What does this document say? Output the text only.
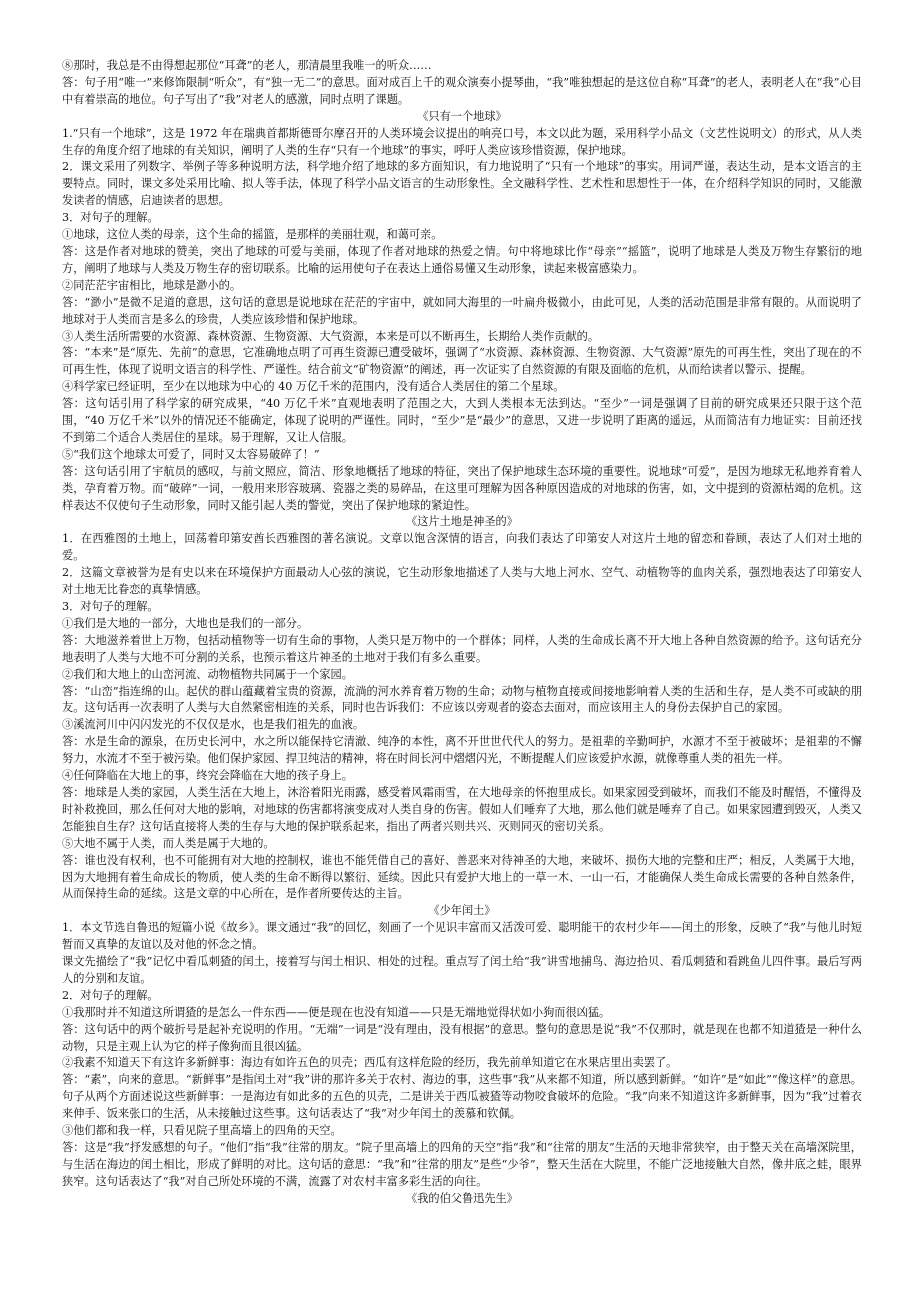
⑧那时，我总是不由得想起那位“耳聋”的老人，那清晨里我唯一的听众……

答：句子用“唯一”来修饰限制“听众”，有“独一无二”的意思。面对成百上千的观众演奏小提琴曲，“我”唯独想起的是这位自称“耳聋”的老人，表明老人在“我”心目中有着崇高的地位。句子写出了“我”对老人的感激，同时点明了课题。

《只有一个地球》

1.“只有一个地球”，这是 1972 年在瑞典首都斯德哥尔摩召开的人类环境会议提出的响亮口号，本文以此为题，采用科学小品文（文艺性说明文）的形式，从人类生存的角度介绍了地球的有关知识，阐明了人类的生存“只有一个地球”的事实，呼吁人类应该珍惜资源，保护地球。

2．课文采用了列数字、举例子等多种说明方法，科学地介绍了地球的多方面知识，有力地说明了“只有一个地球”的事实。用词严谨，表达生动，是本文语言的主要特点。同时，课文多处采用比喻、拟人等手法，体现了科学小品文语言的生动形象性。全文融科学性、艺术性和思想性于一体，在介绍科学知识的同时，又能激发读者的情感，启迪读者的思想。

3．对句子的理解。

①地球，这位人类的母亲，这个生命的摇篮，是那样的美丽壮观，和蔼可亲。

答：这是作者对地球的赞美，突出了地球的可爱与美丽，体现了作者对地球的热爱之情。句中将地球比作“母亲”“摇篮”，说明了地球是人类及万物生存繁衍的地方，阐明了地球与人类及万物生存的密切联系。比喻的运用使句子在表达上通俗易懂又生动形象，读起来极富感染力。

②同茫茫宇宙相比，地球是渺小的。

答：“渺小”是微不足道的意思，这句话的意思是说地球在茫茫的宇宙中，就如同大海里的一叶扁舟极微小，由此可见，人类的活动范围是非常有限的。从而说明了地球对于人类而言是多么的珍贵，人类应该珍惜和保护地球。

③人类生活所需要的水资源、森林资源、生物资源、大气资源，本来是可以不断再生，长期给人类作贡献的。

答：“本来”是“原先、先前”的意思，它准确地点明了可再生资源已遭受破坏，强调了“水资源、森林资源、生物资源、大气资源”原先的可再生性，突出了现在的不可再生性，体现了说明文语言的科学性、严谨性。结合前文“矿物资源”的阐述，再一次证实了自然资源的有限及面临的危机，从而给读者以警示、提醒。

④科学家已经证明，至少在以地球为中心的 40 万亿千米的范围内，没有适合人类居住的第二个星球。

答：这句话引用了科学家的研究成果，“40 万亿千米”直观地表明了范围之大，大到人类根本无法到达。“至少”一词是强调了目前的研究成果还只限于这个范围，“40 万亿千米”以外的情况还不能确定，体现了说明的严谨性。同时，“至少”是“最少”的意思，又进一步说明了距离的遥远，从而简洁有力地证实：目前还找不到第二个适合人类居住的星球。易于理解，又让人信服。

⑤“我们这个地球太可爱了，同时又太容易破碎了！”

答：这句话引用了宇航员的感叹，与前文照应，简洁、形象地概括了地球的特征，突出了保护地球生态环境的重要性。说地球“可爱”，是因为地球无私地养育着人类，孕育着万物。而“破碎”一词，一般用来形容玻璃、瓷器之类的易碎品，在这里可理解为因各种原因造成的对地球的伤害，如，文中提到的资源枯竭的危机。这样表达不仅使句子生动形象，同时又能引起人类的警觉，突出了保护地球的紧迫性。

《这片土地是神圣的》

1．在西雅图的土地上，回荡着印第安酋长西雅图的著名演说。文章以饱含深情的语言，向我们表达了印第安人对这片土地的留恋和眷顾，表达了人们对土地的爱。

2．这篇文章被誉为是有史以来在环境保护方面最动人心弦的演说，它生动形象地描述了人类与大地上河水、空气、动植物等的血肉关系，强烈地表达了印第安人对土地无比眷恋的真挚情感。

3．对句子的理解。

①我们是大地的一部分，大地也是我们的一部分。

答：大地滋养着世上万物，包括动植物等一切有生命的事物，人类只是万物中的一个群体；同样，人类的生命成长离不开大地上各种自然资源的给予。这句话充分地表明了人类与大地不可分割的关系，也预示着这片神圣的土地对于我们有多么重要。

②我们和大地上的山峦河流、动物植物共同属于一个家园。

答：“山峦”指连绵的山。起伏的群山蕴藏着宝贵的资源，流淌的河水养育着万物的生命；动物与植物直接或间接地影响着人类的生活和生存，是人类不可或缺的朋友。这句话再一次表明了人类与大自然紧密相连的关系，同时也告诉我们：不应该以旁观者的姿态去面对，而应该用主人的身份去保护自己的家园。

③溪流河川中闪闪发光的不仅仅是水，也是我们祖先的血液。

答：水是生命的源泉，在历史长河中，水之所以能保持它清澈、纯净的本性，离不开世世代代人的努力。是祖辈的辛勤呵护，水源才不至于被破坏；是祖辈的不懈努力，水流才不至于被污染。他们保护家园、捍卫纯洁的精神，将在时间长河中熠熠闪光，不断提醒人们应该爱护水源，就像尊重人类的祖先一样。

④任何降临在大地上的事，终究会降临在大地的孩子身上。

答：地球是人类的家园，人类生活在大地上，沐浴着阳光雨露，感受着风霜雨雪，在大地母亲的怀抱里成长。如果家园受到破坏，而我们不能及时醒悟，不懂得及时补救挽回，那么任何对大地的影响，对地球的伤害都将演变成对人类自身的伤害。假如人们唾弃了大地，那么他们就是唾弃了自己。如果家园遭到毁灭，人类又怎能独自生存？这句话直接将人类的生存与大地的保护联系起来，指出了两者兴则共兴、灭则同灭的密切关系。

⑤大地不属于人类，而人类是属于大地的。

答：谁也没有权利，也不可能拥有对大地的控制权，谁也不能凭借自己的喜好、善恶来对待神圣的大地，来破坏、损伤大地的完整和庄严；相反，人类属于大地，因为大地拥有着生命成长的物质，使人类的生命不断得以繁衍、延续。因此只有爱护大地上的一草一木、一山一石，才能确保人类生命成长需要的各种自然条件，从而保持生命的延续。这是文章的中心所在，是作者所要传达的主旨。

《少年闰土》

1．本文节选自鲁迅的短篇小说《故乡》。课文通过“我”的回忆，刻画了一个见识丰富而又活泼可爱、聪明能干的农村少年——闰土的形象，反映了“我”与他儿时短暂而又真挚的友谊以及对他的怀念之情。

课文先描绘了“我”记忆中看瓜刺猹的闰土，接着写与闰土相识、相处的过程。重点写了闰土给“我”讲雪地捕鸟、海边拾贝、看瓜刺猹和看跳鱼儿四件事。最后写两人的分别和友谊。

2．对句子的理解。

①我那时并不知道这所谓猹的是怎么一件东西——便是现在也没有知道——只是无端地觉得状如小狗而很凶猛。

答：这句话中的两个破折号是起补充说明的作用。“无端”一词是“没有理由，没有根据”的意思。整句的意思是说“我”不仅那时，就是现在也都不知道猹是一种什么动物，只是主观上认为它的样子像狗而且很凶猛。

②我素不知道天下有这许多新鲜事：海边有如许五色的贝壳；西瓜有这样危险的经历，我先前单知道它在水果店里出卖罢了。

答：“素”，向来的意思。“新鲜事”是指闰土对“我”讲的那许多关于农村、海边的事，这些事“我”从来都不知道，所以感到新鲜。“如许”是“如此”“像这样”的意思。句子从两个方面述说这些新鲜事：一是海边有如此多的五色的贝壳，二是讲关于西瓜被猹等动物咬食破坏的危险。“我”向来不知道这许多新鲜事，因为“我”过着衣来伸手、饭来张口的生活，从未接触过这些事。这句话表达了“我”对少年闰土的羡慕和钦佩。

③他们都和我一样，只看见院子里高墙上的四角的天空。

答：这是“我”抒发感想的句子。“他们”指“我”往常的朋友。“院子里高墙上的四角的天空”指“我”和“往常的朋友”生活的天地非常狭窄，由于整天关在高墙深院里，与生活在海边的闰土相比，形成了鲜明的对比。这句话的意思：“我”和“往常的朋友”是些“少爷”，整天生活在大院里，不能广泛地接触大自然，像井底之蛙，眼界狭窄。这句话表达了“我”对自己所处环境的不满，流露了对农村丰富多彩生活的向往。

《我的伯父鲁迅先生》
